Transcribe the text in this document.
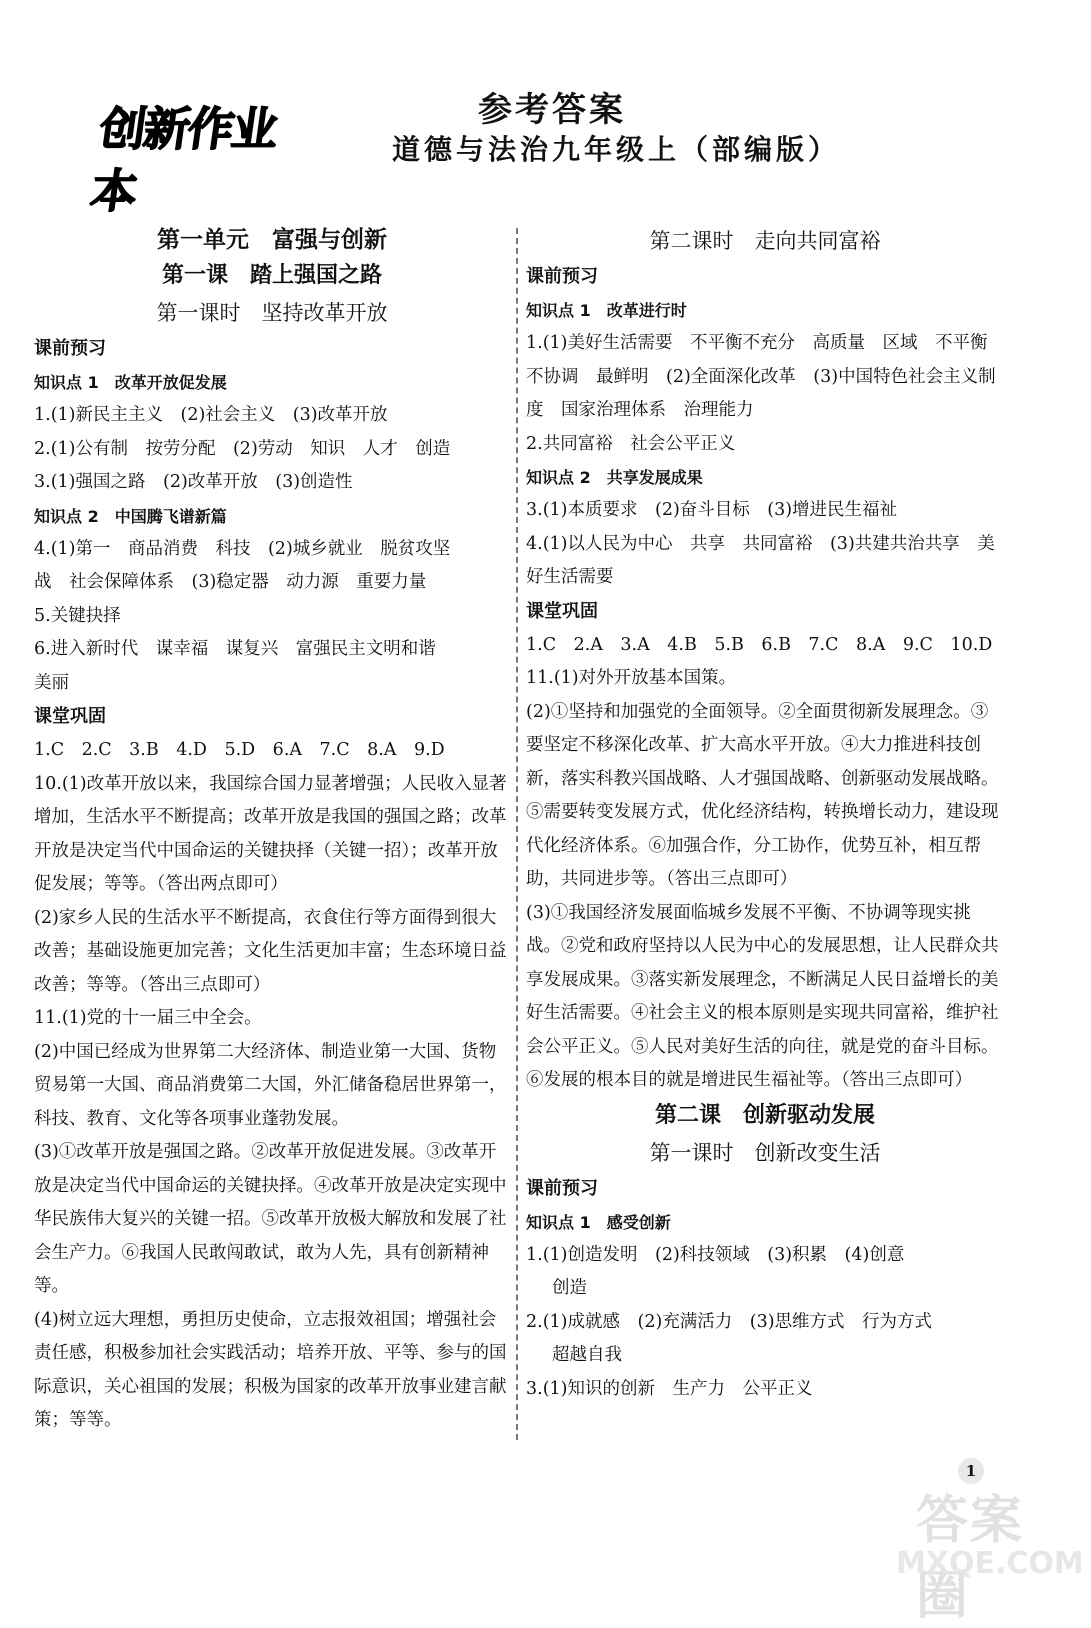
创新作业本
参考答案
道德与法治九年级上（部编版）
第一单元　富强与创新
第一课　踏上强国之路
第一课时　坚持改革开放
课前预习
知识点 1　改革开放促发展
1.(1)新民主主义　(2)社会主义　(3)改革开放
2.(1)公有制　按劳分配　(2)劳动　知识　人才　创造
3.(1)强国之路　(2)改革开放　(3)创造性
知识点 2　中国腾飞谱新篇
4.(1)第一　商品消费　科技　(2)城乡就业　脱贫攻坚
战　社会保障体系　(3)稳定器　动力源　重要力量
5.关键抉择
6.进入新时代　谋幸福　谋复兴　富强民主文明和谐
美丽
课堂巩固
1.C　2.C　3.B　4.D　5.D　6.A　7.C　8.A　9.D
10.(1)改革开放以来，我国综合国力显著增强；人民收入显著增加，生活水平不断提高；改革开放是我国的强国之路；改革开放是决定当代中国命运的关键抉择（关键一招）；改革开放促发展；等等。（答出两点即可）
(2)家乡人民的生活水平不断提高，衣食住行等方面得到很大改善；基础设施更加完善；文化生活更加丰富；生态环境日益改善；等等。（答出三点即可）
11.(1)党的十一届三中全会。
(2)中国已经成为世界第二大经济体、制造业第一大国、货物贸易第一大国、商品消费第二大国，外汇储备稳居世界第一，科技、教育、文化等各项事业蓬勃发展。
(3)①改革开放是强国之路。②改革开放促进发展。③改革开放是决定当代中国命运的关键抉择。④改革开放是决定实现中华民族伟大复兴的关键一招。⑤改革开放极大解放和发展了社会生产力。⑥我国人民敢闯敢试，敢为人先，具有创新精神等。
(4)树立远大理想，勇担历史使命，立志报效祖国；增强社会责任感，积极参加社会实践活动；培养开放、平等、参与的国际意识，关心祖国的发展；积极为国家的改革开放事业建言献策；等等。
第二课时　走向共同富裕
课前预习
知识点 1　改革进行时
1.(1)美好生活需要　不平衡不充分　高质量　区域　不平衡不协调　最鲜明　(2)全面深化改革　(3)中国特色社会主义制度　国家治理体系　治理能力
2.共同富裕　社会公平正义
知识点 2　共享发展成果
3.(1)本质要求　(2)奋斗目标　(3)增进民生福祉
4.(1)以人民为中心　共享　共同富裕　(3)共建共治共享　美好生活需要
课堂巩固
1.C　2.A　3.A　4.B　5.B　6.B　7.C　8.A　9.C　10.D
11.(1)对外开放基本国策。
(2)①坚持和加强党的全面领导。②全面贯彻新发展理念。③要坚定不移深化改革、扩大高水平开放。④大力推进科技创新，落实科教兴国战略、人才强国战略、创新驱动发展战略。⑤需要转变发展方式，优化经济结构，转换增长动力，建设现代化经济体系。⑥加强合作，分工协作，优势互补，相互帮助，共同进步等。（答出三点即可）
(3)①我国经济发展面临城乡发展不平衡、不协调等现实挑战。②党和政府坚持以人民为中心的发展思想，让人民群众共享发展成果。③落实新发展理念，不断满足人民日益增长的美好生活需要。④社会主义的根本原则是实现共同富裕，维护社会公平正义。⑤人民对美好生活的向往，就是党的奋斗目标。⑥发展的根本目的就是增进民生福祉等。（答出三点即可）
第二课　创新驱动发展
第一课时　创新改变生活
课前预习
知识点 1　感受创新
1.(1)创造发明　(2)科技领域　(3)积累　(4)创意
创造
2.(1)成就感　(2)充满活力　(3)思维方式　行为方式
超越自我
3.(1)知识的创新　生产力　公平正义
1
答案圈
MXQE.COM
